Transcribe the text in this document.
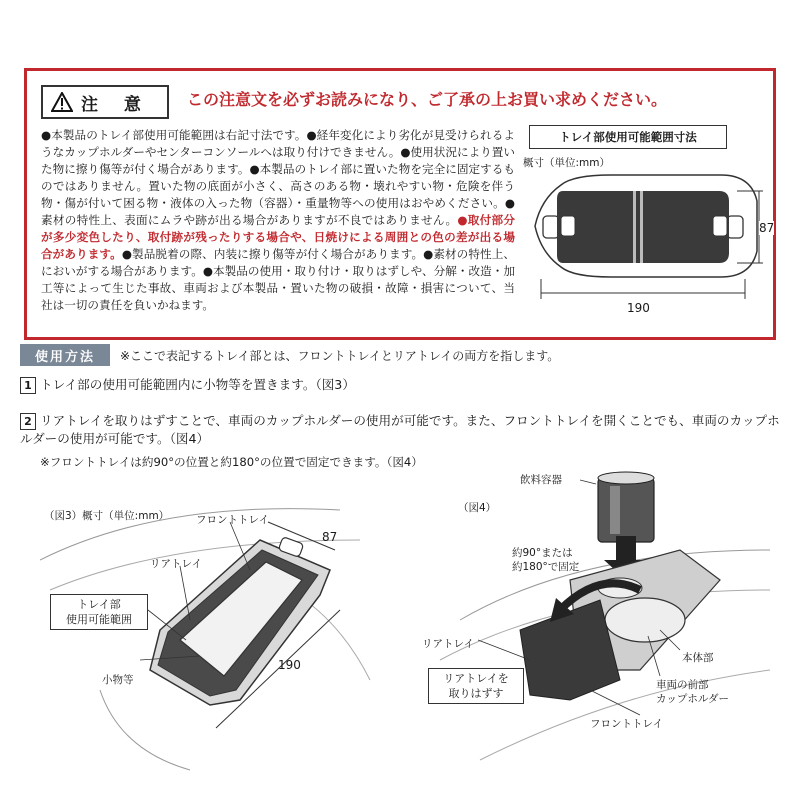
注 意 この注意文を必ずお読みになり、ご了承の上お買い求めください。
●本製品のトレイ部使用可能範囲は右記寸法です。●経年変化により劣化が見受けられるようなカップホルダーやセンターコンソールへは取り付けできません。●使用状況により置いた物に擦り傷等が付く場合があります。●本製品のトレイ部に置いた物を完全に固定するものではありません。置いた物の底面が小さく、高さのある物・壊れやすい物・危険を伴う物・傷が付いて困る物・液体の入った物（容器）・重量物等への使用はおやめください。●素材の特性上、表面にムラや跡が出る場合がありますが不良ではありません。●取付部分が多少変色したり、取付跡が残ったりする場合や、日焼けによる周囲との色の差が出る場合があります。●製品脱着の際、内装に擦り傷等が付く場合があります。●素材の特性上、においがする場合があります。●本製品の使用・取り付け・取りはずしや、分解・改造・加工等によって生じた事故、車両および本製品・置いた物の破損・故障・損害について、当社は一切の責任を負いかねます。
トレイ部使用可能範囲寸法
概寸（単位:mm）
190
87
使用方法	※ここで表記するトレイ部とは、フロントトレイとリアトレイの両方を指します。
1 トレイ部の使用可能範囲内に小物等を置きます。（図3）
2 リアトレイを取りはずすことで、車両のカップホルダーの使用が可能です。また、フロントトレイを開くことでも、車両のカップホルダーの使用が可能です。（図4）
※フロントトレイは約90°の位置と約180°の位置で固定できます。（図4）
（図3）概寸（単位:mm）	フロントトレイ
リアトレイ
トレイ部
使用可能範囲
小物等
87
190
（図4）
飲料容器
約90°または
約180°で固定
リアトレイ
リアトレイを
取りはずす
本体部
車両の前部
カップホルダー
フロントトレイ
